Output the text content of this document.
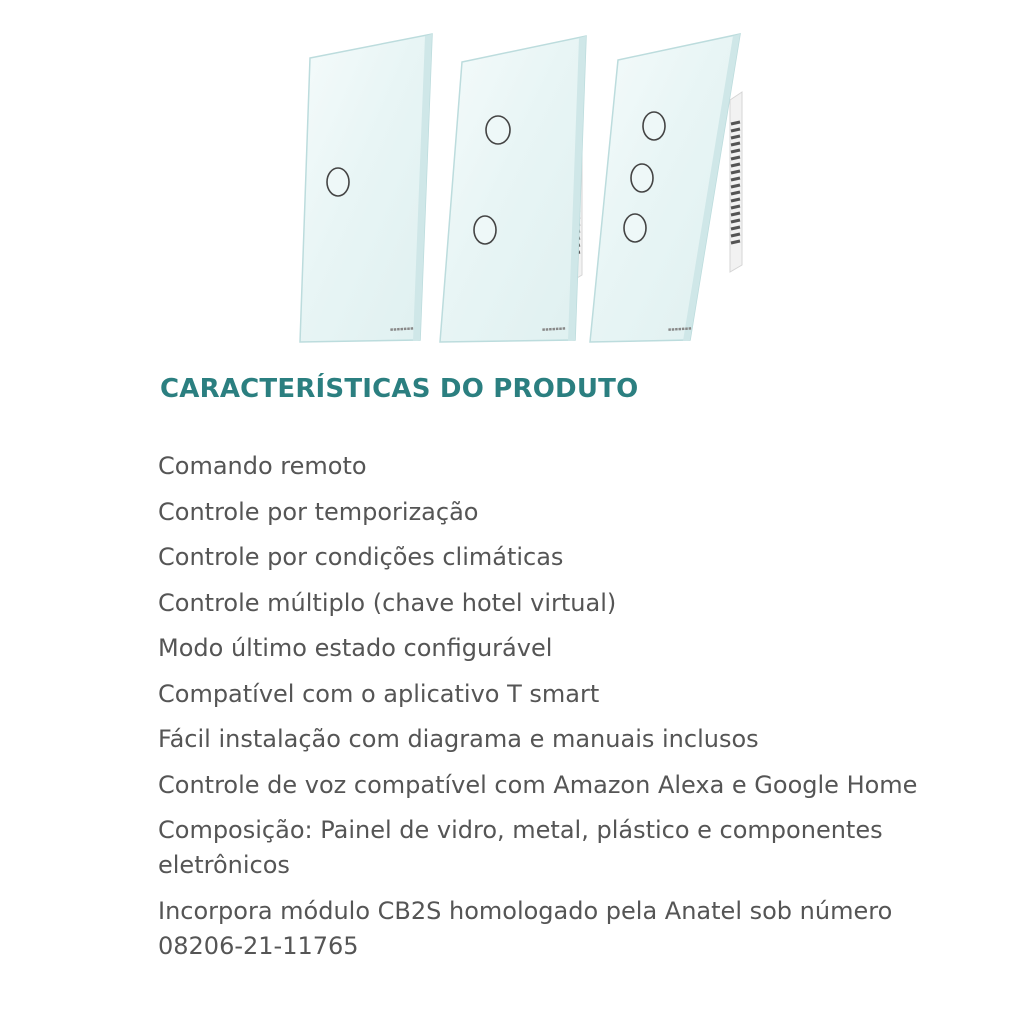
▪▪▪▪▪▪▪	▪▪▪▪▪▪▪	▪▪▪▪▪▪▪
CARACTERÍSTICAS DO PRODUTO
Comando remoto
Controle por temporização
Controle por condições climáticas
Controle múltiplo (chave hotel virtual)
Modo último estado configurável
Compatível com o aplicativo T smart
Fácil instalação com diagrama e manuais inclusos
Controle de voz compatível com Amazon Alexa e Google Home
Composição: Painel de vidro, metal, plástico e componentes eletrônicos
Incorpora módulo CB2S homologado pela Anatel sob número 08206-21-11765
